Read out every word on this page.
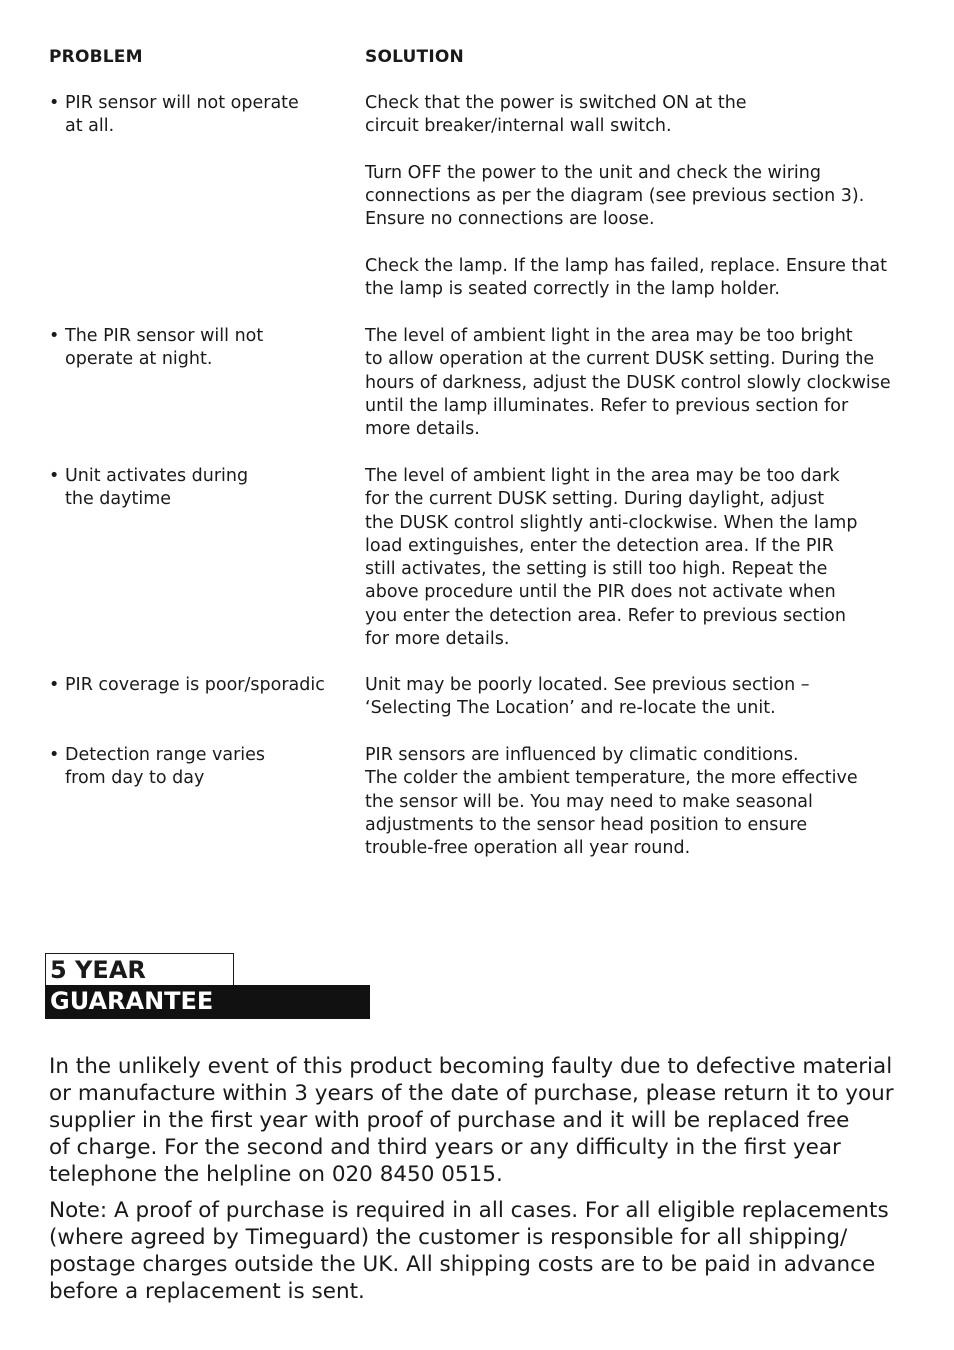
PROBLEM	SOLUTION
• PIR sensor will not operate
at all.

Check that the power is switched ON at the
circuit breaker/internal wall switch.

Turn OFF the power to the unit and check the wiring
connections as per the diagram (see previous section 3).
Ensure no connections are loose.

Check the lamp. If the lamp has failed, replace. Ensure that
the lamp is seated correctly in the lamp holder.

• The PIR sensor will not
operate at night.

The level of ambient light in the area may be too bright
to allow operation at the current DUSK setting. During the
hours of darkness, adjust the DUSK control slowly clockwise
until the lamp illuminates. Refer to previous section for
more details.

• Unit activates during
the daytime

The level of ambient light in the area may be too dark
for the current DUSK setting. During daylight, adjust
the DUSK control slightly anti-clockwise. When the lamp
load extinguishes, enter the detection area. If the PIR
still activates, the setting is still too high. Repeat the
above procedure until the PIR does not activate when
you enter the detection area. Refer to previous section
for more details.

• PIR coverage is poor/sporadic Unit may be poorly located. See previous section –
‘Selecting The Location’ and re-locate the unit.

• Detection range varies
from day to day

PIR sensors are influenced by climatic conditions.
The colder the ambient temperature, the more effective
the sensor will be. You may need to make seasonal
adjustments to the sensor head position to ensure
trouble-free operation all year round.

5 YEAR
GUARANTEE
In the unlikely event of this product becoming faulty due to defective material
or manufacture within 3 years of the date of purchase, please return it to your
supplier in the first year with proof of purchase and it will be replaced free
of charge. For the second and third years or any difficulty in the first year
telephone the helpline on 020 8450 0515.
Note: A proof of purchase is required in all cases. For all eligible replacements
(where agreed by Timeguard) the customer is responsible for all shipping/
postage charges outside the UK. All shipping costs are to be paid in advance
before a replacement is sent.
